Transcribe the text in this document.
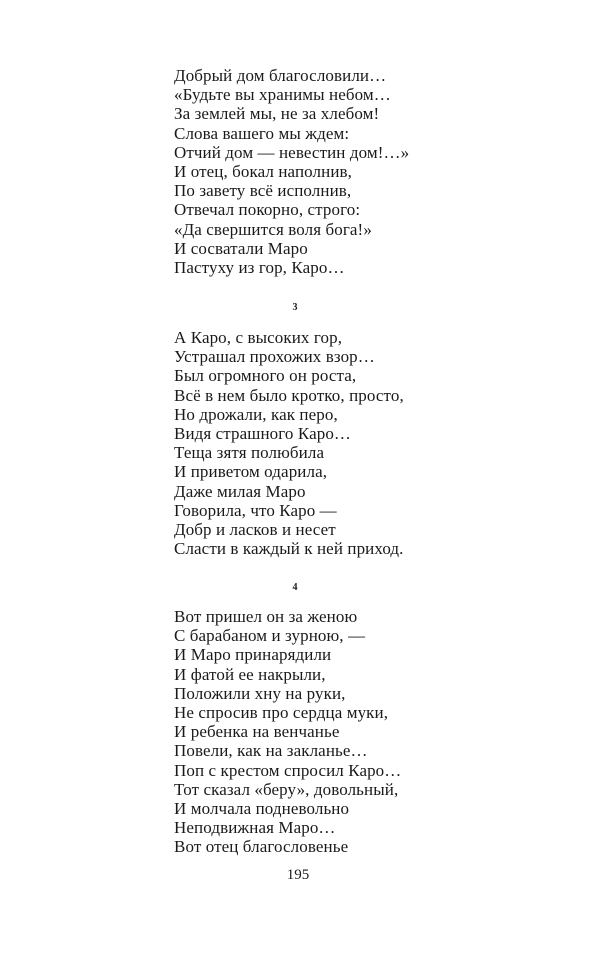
Добрый дом благословили…
«Будьте вы хранимы небом…
За землей мы, не за хлебом!
Слова вашего мы ждем:
Отчий дом — невестин дом!…»
И отец, бокал наполнив,
По завету всё исполнив,
Отвечал покорно, строго:
«Да свершится воля бога!»
И сосватали Маро
Пастуху из гор, Каро…
3
А Каро, с высоких гор,
Устрашал прохожих взор…
Был огромного он роста,
Всё в нем было кротко, просто,
Но дрожали, как перо,
Видя страшного Каро…
Теща зятя полюбила
И приветом одарила,
Даже милая Маро
Говорила, что Каро —
Добр и ласков и несет
Сласти в каждый к ней приход.
4
Вот пришел он за женою
С барабаном и зурною, —
И Маро принарядили
И фатой ее накрыли,
Положили хну на руки,
Не спросив про сердца муки,
И ребенка на венчанье
Повели, как на закланье…
Поп с крестом спросил Каро…
Тот сказал «беру», довольный,
И молчала подневольно
Неподвижная Маро…
Вот отец благословенье
195
